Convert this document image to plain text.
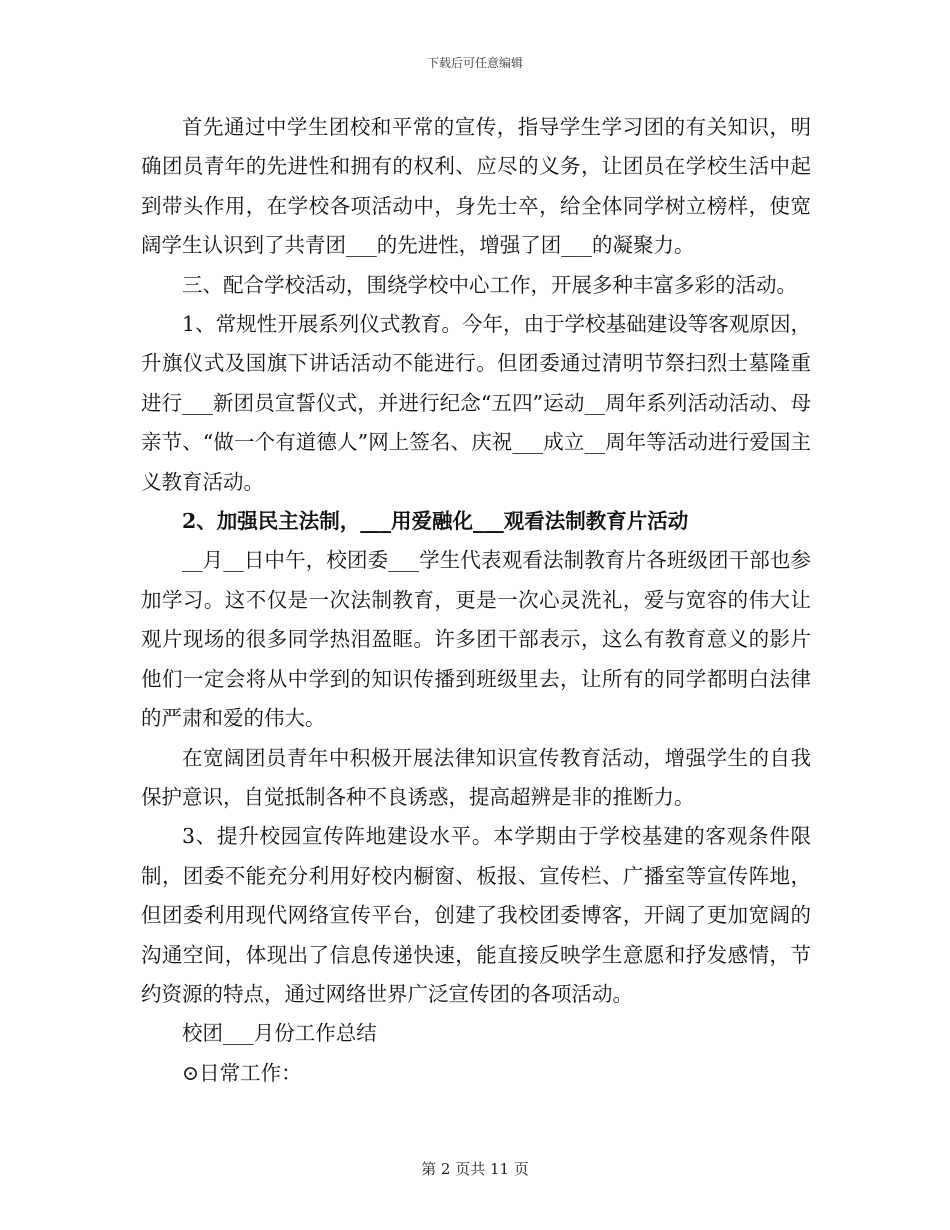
下载后可任意编辑

首先通过中学生团校和平常的宣传，指导学生学习团的有关知识，明确团员青年的先进性和拥有的权利、应尽的义务，让团员在学校生活中起到带头作用，在学校各项活动中，身先士卒，给全体同学树立榜样，使宽阔学生认识到了共青团___的先进性，增强了团___的凝聚力。

三、配合学校活动，围绕学校中心工作，开展多种丰富多彩的活动。

1、常规性开展系列仪式教育。今年，由于学校基础建设等客观原因，升旗仪式及国旗下讲话活动不能进行。但团委通过清明节祭扫烈士墓隆重进行___新团员宣誓仪式，并进行纪念“五四”运动__周年系列活动活动、母亲节、“做一个有道德人”网上签名、庆祝___成立__周年等活动进行爱国主义教育活动。

2、加强民主法制，___用爱融化___观看法制教育片活动

__月__日中午，校团委___学生代表观看法制教育片各班级团干部也参加学习。这不仅是一次法制教育，更是一次心灵洗礼，爱与宽容的伟大让观片现场的很多同学热泪盈眶。许多团干部表示，这么有教育意义的影片他们一定会将从中学到的知识传播到班级里去，让所有的同学都明白法律的严肃和爱的伟大。

在宽阔团员青年中积极开展法律知识宣传教育活动，增强学生的自我保护意识，自觉抵制各种不良诱惑，提高超辨是非的推断力。

3、提升校园宣传阵地建设水平。本学期由于学校基建的客观条件限制，团委不能充分利用好校内橱窗、板报、宣传栏、广播室等宣传阵地，但团委利用现代网络宣传平台，创建了我校团委博客，开阔了更加宽阔的沟通空间，体现出了信息传递快速，能直接反映学生意愿和抒发感情，节约资源的特点，通过网络世界广泛宣传团的各项活动。

校团___月份工作总结

⊙日常工作：

第 2 页共 11 页
